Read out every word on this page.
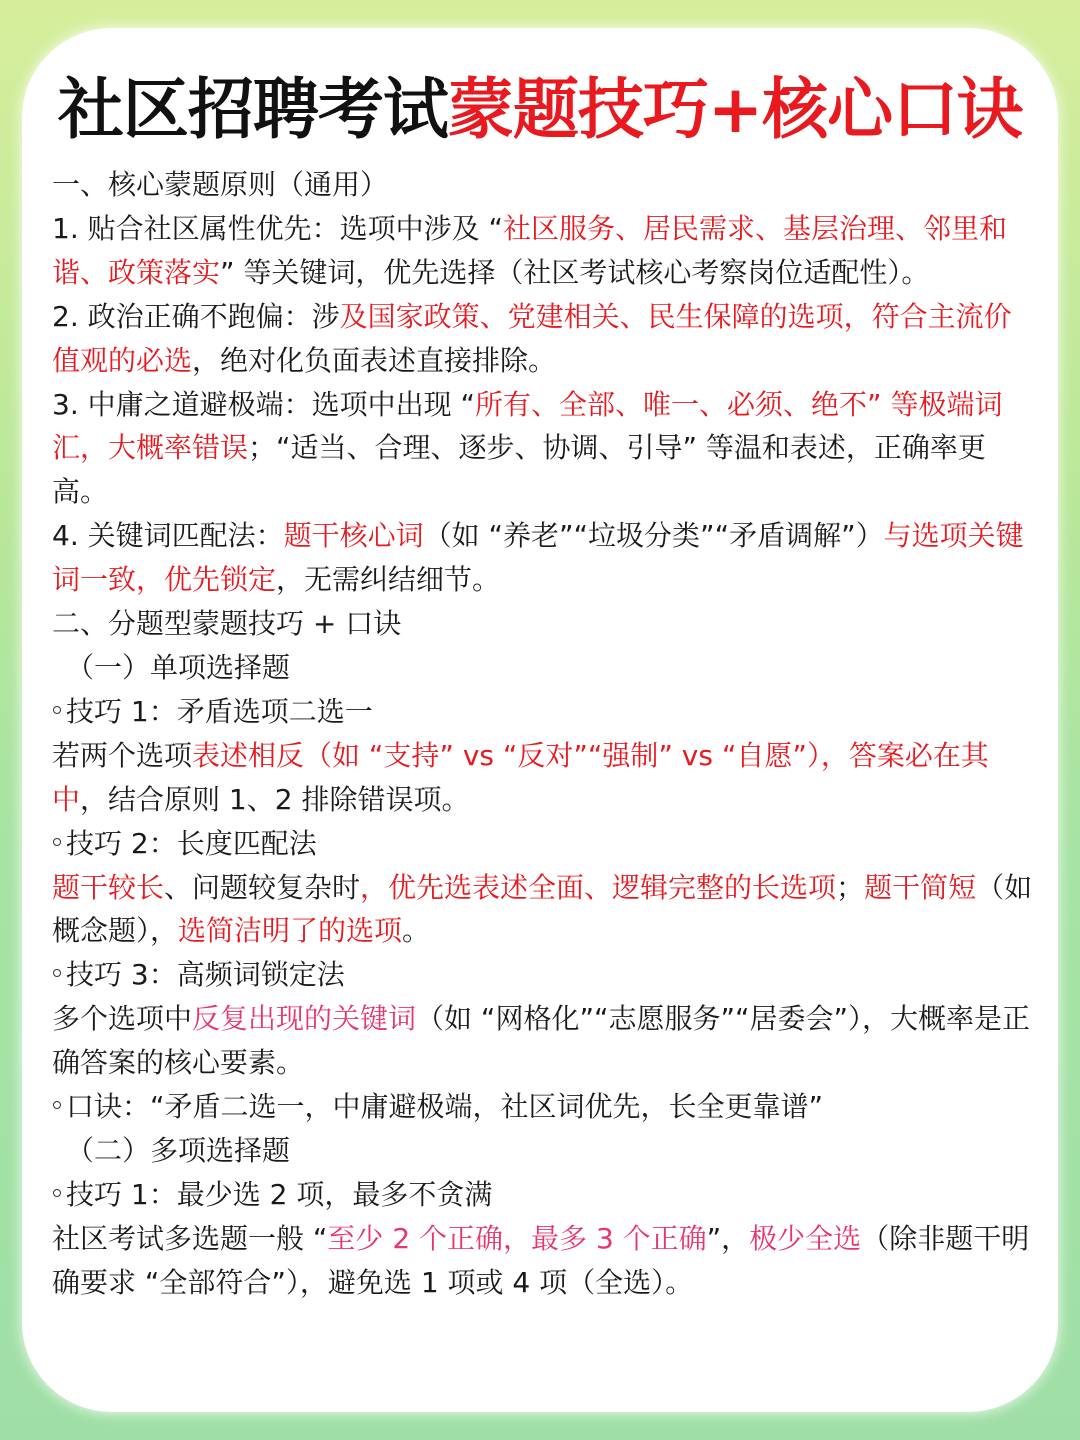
社区招聘考试蒙题技巧+核心口诀

一、核心蒙题原则（通用）

1. 贴合社区属性优先：选项中涉及 “社区服务、居民需求、基层治理、邻里和谐、政策落实” 等关键词，优先选择（社区考试核心考察岗位适配性）。

2. 政治正确不跑偏：涉及国家政策、党建相关、民生保障的选项，符合主流价值观的必选，绝对化负面表述直接排除。

3. 中庸之道避极端：选项中出现 “所有、全部、唯一、必须、绝不” 等极端词汇，大概率错误；“适当、合理、逐步、协调、引导” 等温和表述，正确率更高。

4. 关键词匹配法：题干核心词（如 “养老”“垃圾分类”“矛盾调解”）与选项关键词一致，优先锁定，无需纠结细节。

二、分题型蒙题技巧 + 口诀

（一）单项选择题

技巧 1：矛盾选项二选一

若两个选项表述相反（如 “支持” vs “反对”“强制” vs “自愿”），答案必在其中，结合原则 1、2 排除错误项。

技巧 2：长度匹配法

题干较长、问题较复杂时，优先选表述全面、逻辑完整的长选项；题干简短（如概念题），选简洁明了的选项。

技巧 3：高频词锁定法

多个选项中反复出现的关键词（如 “网格化”“志愿服务”“居委会”），大概率是正确答案的核心要素。

口诀：“矛盾二选一，中庸避极端，社区词优先，长全更靠谱”

（二）多项选择题

技巧 1：最少选 2 项，最多不贪满

社区考试多选题一般 “至少 2 个正确，最多 3 个正确”，极少全选（除非题干明确要求 “全部符合”），避免选 1 项或 4 项（全选）。
